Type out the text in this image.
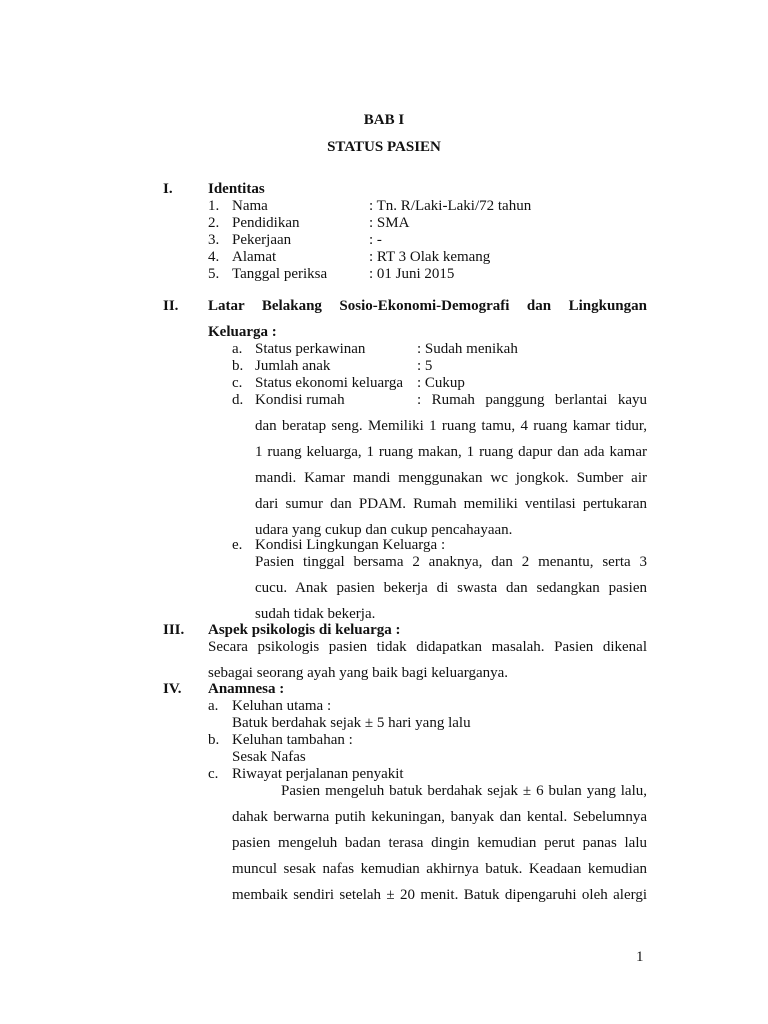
BAB I
STATUS PASIEN
I. Identitas
1. Nama	: Tn. R/Laki-Laki/72 tahun
2. Pendidikan	: SMA
3. Pekerjaan	: -
4. Alamat	: RT 3 Olak kemang
5. Tanggal periksa	: 01 Juni 2015
II. Latar Belakang Sosio-Ekonomi-Demografi dan Lingkungan
Keluarga :
a. Status perkawinan	: Sudah menikah
b. Jumlah anak	: 5
c. Status ekonomi keluarga : Cukup
d. Kondisi rumah	: Rumah panggung berlantai kayu
dan beratap seng. Memiliki 1 ruang tamu, 4 ruang kamar tidur,
1 ruang keluarga, 1 ruang makan, 1 ruang dapur dan ada kamar
mandi. Kamar mandi menggunakan wc jongkok. Sumber air
dari sumur dan PDAM. Rumah memiliki ventilasi pertukaran
udara yang cukup dan cukup pencahayaan.
e. Kondisi Lingkungan Keluarga :
Pasien tinggal bersama 2 anaknya, dan 2 menantu, serta 3
cucu. Anak pasien bekerja di swasta dan sedangkan pasien
sudah tidak bekerja.
III. Aspek psikologis di keluarga :
Secara psikologis pasien tidak didapatkan masalah. Pasien dikenal
sebagai seorang ayah yang baik bagi keluarganya.
IV. Anamnesa :
a. Keluhan utama :
Batuk berdahak sejak ± 5 hari yang lalu
b. Keluhan tambahan :
Sesak Nafas
c. Riwayat perjalanan penyakit
Pasien mengeluh batuk berdahak sejak ± 6 bulan yang lalu,
dahak berwarna putih kekuningan, banyak dan kental. Sebelumnya
pasien mengeluh badan terasa dingin kemudian perut panas lalu
muncul sesak nafas kemudian akhirnya batuk. Keadaan kemudian
membaik sendiri setelah ± 20 menit. Batuk dipengaruhi oleh alergi
1
